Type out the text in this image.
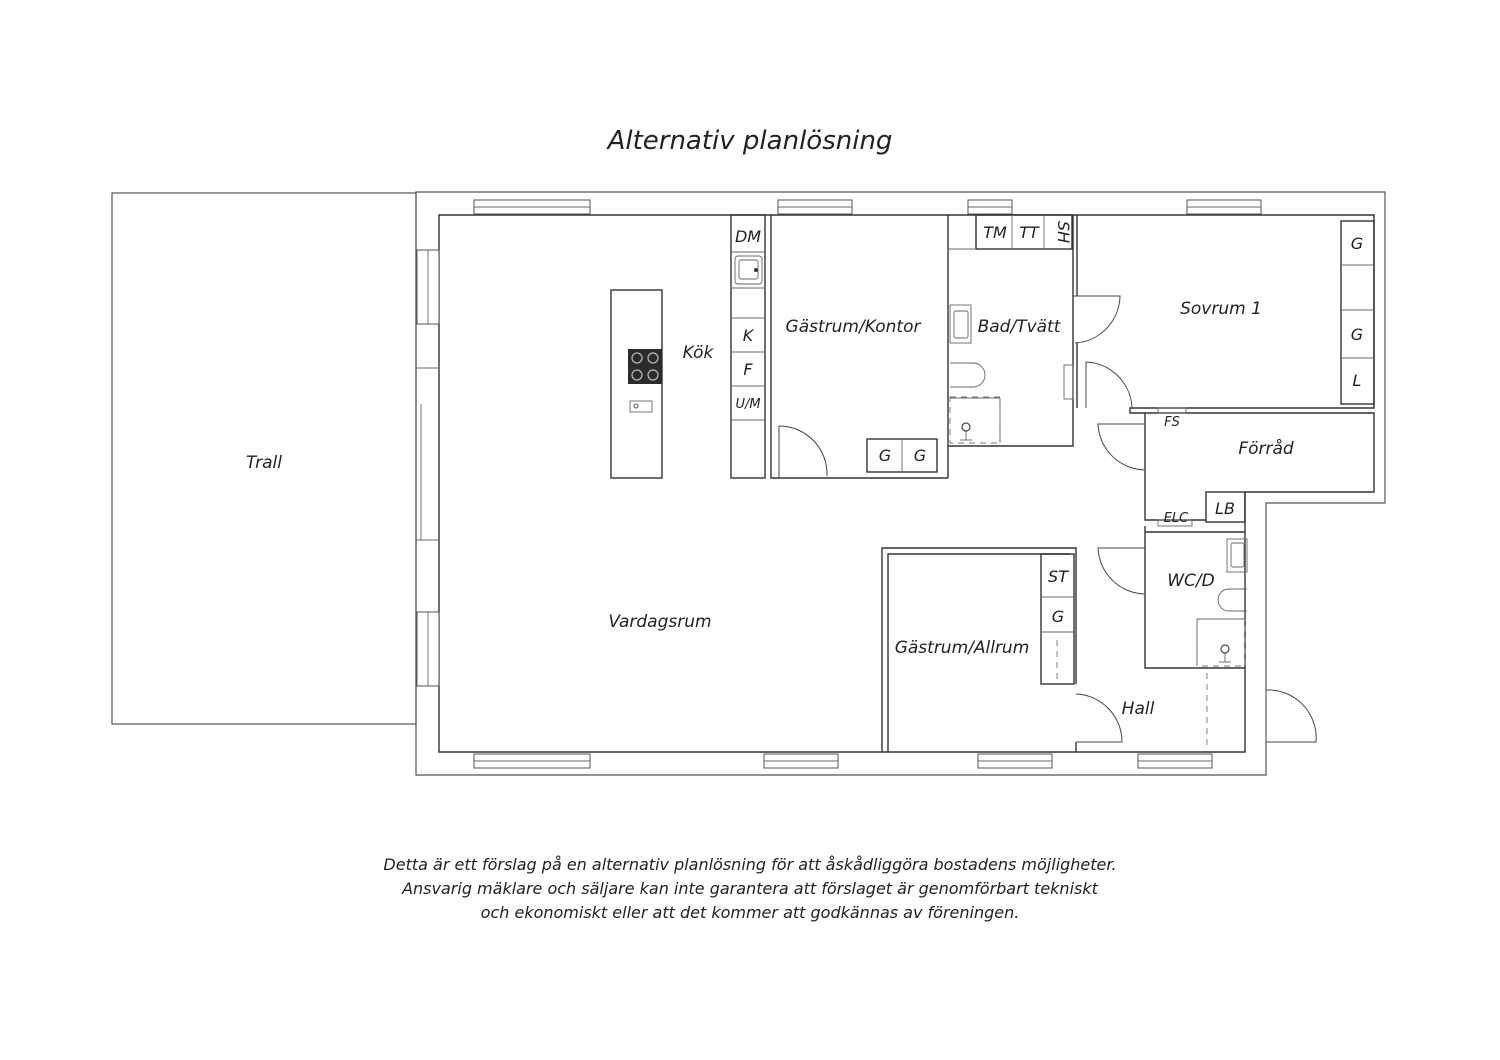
Alternativ planlösning
Trall
Kök
Gästrum/Kontor	Bad/Tvätt
Sovrum 1
Förråd
WC/D
Vardagsrum
Gästrum/Allrum
Hall
DM
K
F
U/M
G G
TM TT SH
G
G
L
FS
ELC
LB
ST
G
Detta är ett förslag på en alternativ planlösning för att åskådliggöra bostadens möjligheter.
Ansvarig mäklare och säljare kan inte garantera att förslaget är genomförbart tekniskt
och ekonomiskt eller att det kommer att godkännas av föreningen.
